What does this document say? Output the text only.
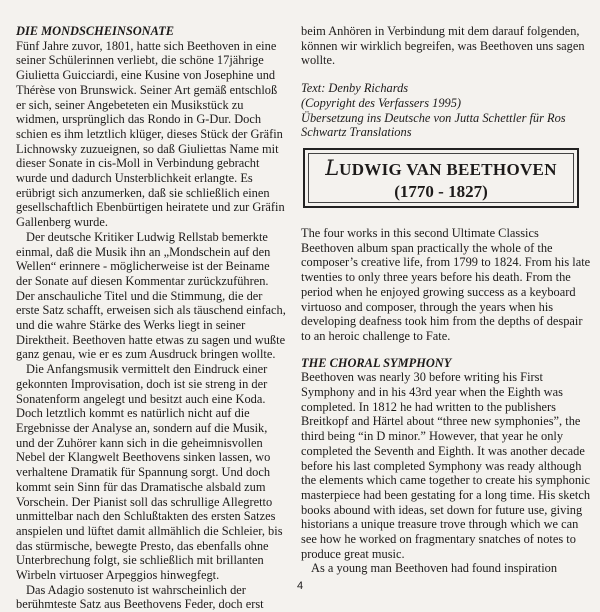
DIE MONDSCHEINSONATE

Fünf Jahre zuvor, 1801, hatte sich Beethoven in eine seiner Schülerinnen verliebt, die schöne 17jährige Giulietta Guicciardi, eine Kusine von Josephine und Thérèse von Brunswick. Seiner Art gemäß entschloß er sich, seiner Angebeteten ein Musikstück zu widmen, ursprünglich das Rondo in G-Dur. Doch schien es ihm letztlich klüger, dieses Stück der Gräfin Lichnowsky zuzueignen, so daß Giuliettas Name mit dieser Sonate in cis-Moll in Verbindung gebracht wurde und dadurch Unsterblichkeit erlangte. Es erübrigt sich anzumerken, daß sie schließlich einen gesellschaftlich Ebenbürtigen heiratete und zur Gräfin Gallenberg wurde.

Der deutsche Kritiker Ludwig Rellstab bemerkte einmal, daß die Musik ihn an „Mondschein auf den Wellen“ erinnere - möglicherweise ist der Beiname der Sonate auf diesen Kommentar zurückzuführen. Der anschauliche Titel und die Stimmung, die der erste Satz schafft, erweisen sich als täuschend einfach, und die wahre Stärke des Werks liegt in seiner Direktheit. Beethoven hatte etwas zu sagen und wußte ganz genau, wie er es zum Ausdruck bringen wollte.

Die Anfangsmusik vermittelt den Eindruck einer gekonnten Improvisation, doch ist sie streng in der Sonatenform angelegt und besitzt auch eine Koda. Doch letztlich kommt es natürlich nicht auf die Ergebnisse der Analyse an, sondern auf die Musik, und der Zuhörer kann sich in die geheimnisvollen Nebel der Klangwelt Beethovens sinken lassen, wo verhaltene Dramatik für Spannung sorgt. Und doch kommt sein Sinn für das Dramatische alsbald zum Vorschein. Der Pianist soll das schrullige Allegretto unmittelbar nach den Schlußtakten des ersten Satzes anspielen und lüftet damit allmählich die Schleier, bis das stürmische, bewegte Presto, das ebenfalls ohne Unterbrechung folgt, sie schließlich mit brillanten Wirbeln virtuoser Arpeggios hinwegfegt.

Das Adagio sostenuto ist wahrscheinlich der berühmteste Satz aus Beethovens Feder, doch erst

beim Anhören in Verbindung mit dem darauf folgenden, können wir wirklich begreifen, was Beethoven uns sagen wollte.

Text: Denby Richards
(Copyright des Verfassers 1995)
Übersetzung ins Deutsche von Jutta Schettler für Ros Schwartz Translations
LUDWIG VAN BEETHOVEN
(1770 - 1827)

The four works in this second Ultimate Classics Beethoven album span practically the whole of the composer’s creative life, from 1799 to 1824. From his late twenties to only three years before his death. From the period when he enjoyed growing success as a keyboard virtuoso and composer, through the years when his developing deafness took him from the depths of despair to an heroic challenge to Fate.

THE CHORAL SYMPHONY

Beethoven was nearly 30 before writing his First Symphony and in his 43rd year when the Eighth was completed. In 1812 he had written to the publishers Breitkopf and Härtel about “three new symphonies”, the third being “in D minor.” However, that year he only completed the Seventh and Eighth. It was another decade before his last completed Symphony was ready although the elements which came together to create his symphonic masterpiece had been gestating for a long time. His sketch books abound with ideas, set down for future use, giving historians a unique treasure trove through which we can see how he worked on fragmentary snatches of notes to produce great music.

As a young man Beethoven had found inspiration

4
